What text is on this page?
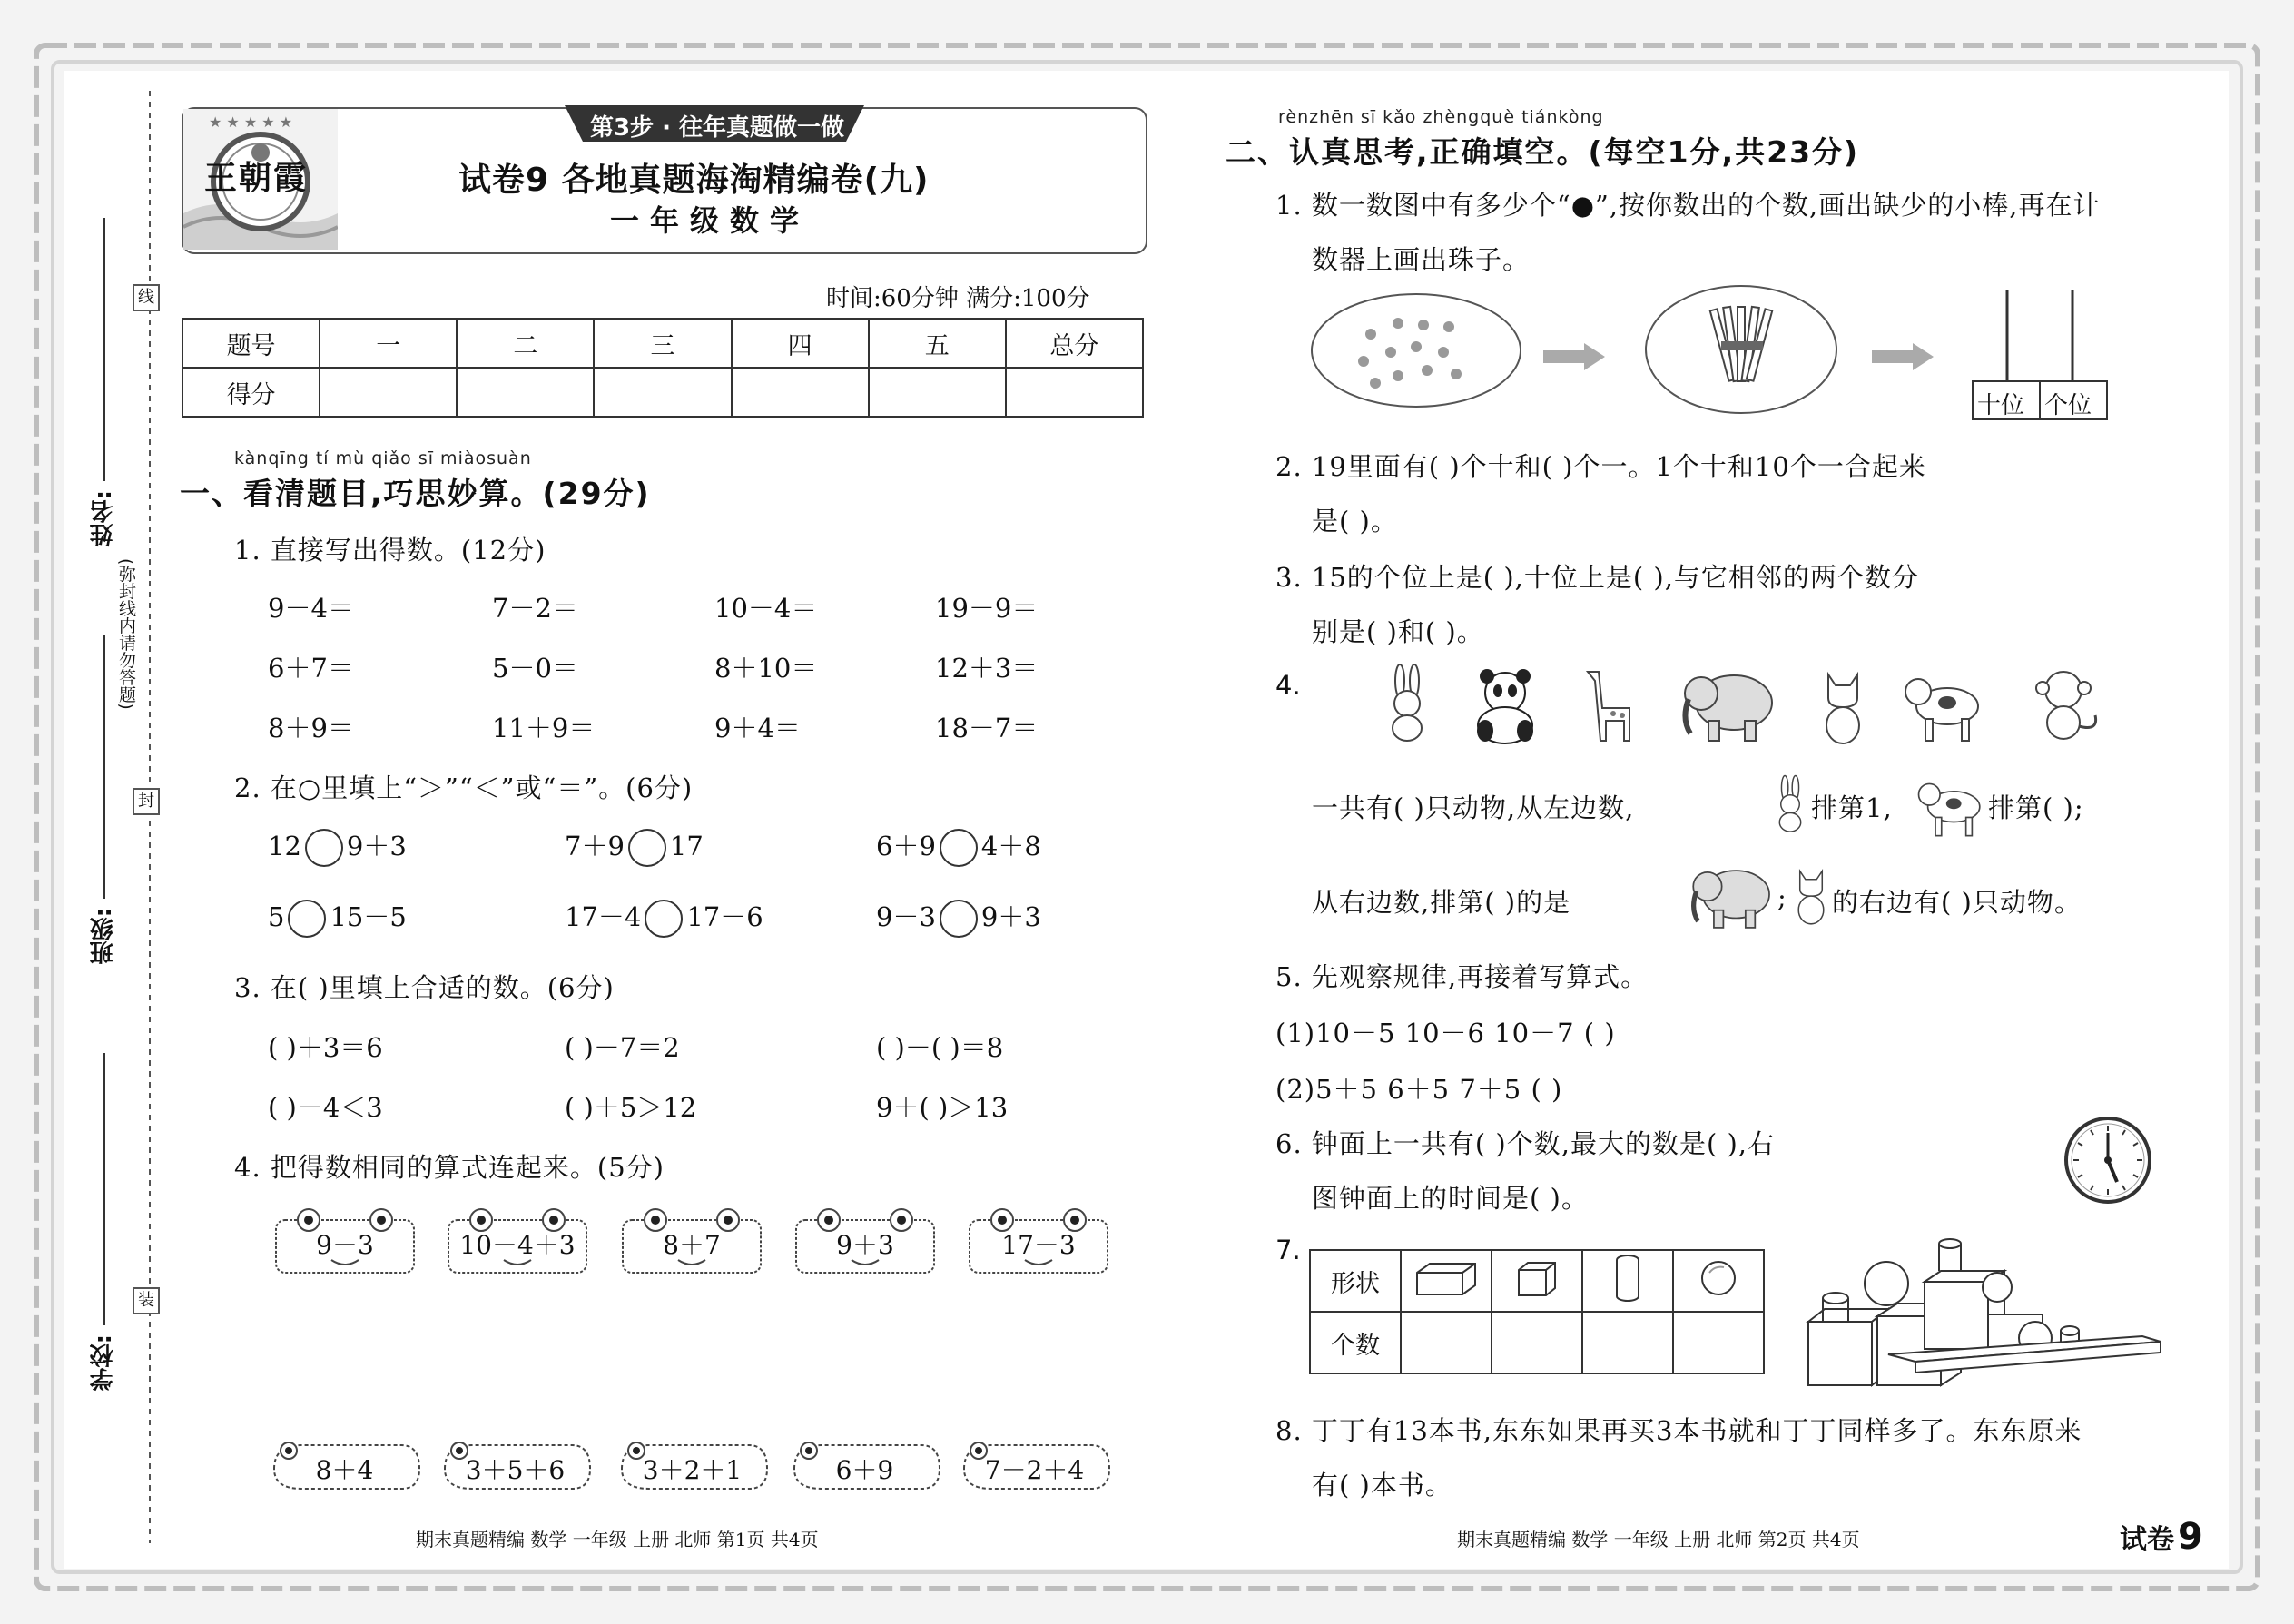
线
封
装
(弥封线内请勿答题)
姓名:
班级:
学校:
★ ★ ★ ★ ★
王朝霞
第3步 · 往年真题做一做
试卷9 各地真题海淘精编卷(九)
一年级数学
时间:60分钟 满分:100分
题号	一	二	三	四	五	总分
得分						
kànqīng tí mù qiǎo sī miàosuàn
一、看清题目,巧思妙算。(29分)
1. 直接写出得数。(12分)
9－4＝	7－2＝	10－4＝	19－9＝
6＋7＝	5－0＝	8＋10＝	12＋3＝
8＋9＝	11＋9＝	9＋4＝	18－7＝
2. 在○里填上“＞”“＜”或“＝”。(6分)
12 9＋3	7＋9 17	6＋9 4＋8
5 15－5	17－4 17－6	9－3 9＋3
3. 在( )里填上合适的数。(6分)
( )＋3＝6	( )－7＝2	( )－( )＝8
( )－4＜3	( )＋5＞12	9＋( )＞13
4. 把得数相同的算式连起来。(5分)
9－3	10－4＋3	8＋7	9＋3	17－3
8＋4	3＋5＋6	3＋2＋1	6＋9	7－2＋4
期末真题精编 数学 一年级 上册 北师 第1页 共4页
rènzhēn sī kǎo zhèngquè tiánkòng
二、认真思考,正确填空。(每空1分,共23分)
1. 数一数图中有多少个“●”,按你数出的个数,画出缺少的小棒,再在计
数器上画出珠子。
十位 个位
2. 19里面有( )个十和( )个一。1个十和10个一合起来
是( )。
3. 15的个位上是( ),十位上是( ),与它相邻的两个数分
别是( )和( )。
4.
一共有( )只动物,从左边数,	排第1,	排第( );
从右边数,排第( )的是	; 的右边有( )只动物。
5. 先观察规律,再接着写算式。
(1)10－5 10－6 10－7 ( )
(2)5＋5 6＋5 7＋5 ( )
6. 钟面上一共有( )个数,最大的数是( ),右
图钟面上的时间是( )。
7.
形状				
个数				
8. 丁丁有13本书,东东如果再买3本书就和丁丁同样多了。东东原来
有( )本书。
期末真题精编 数学 一年级 上册 北师 第2页 共4页	试卷 9
